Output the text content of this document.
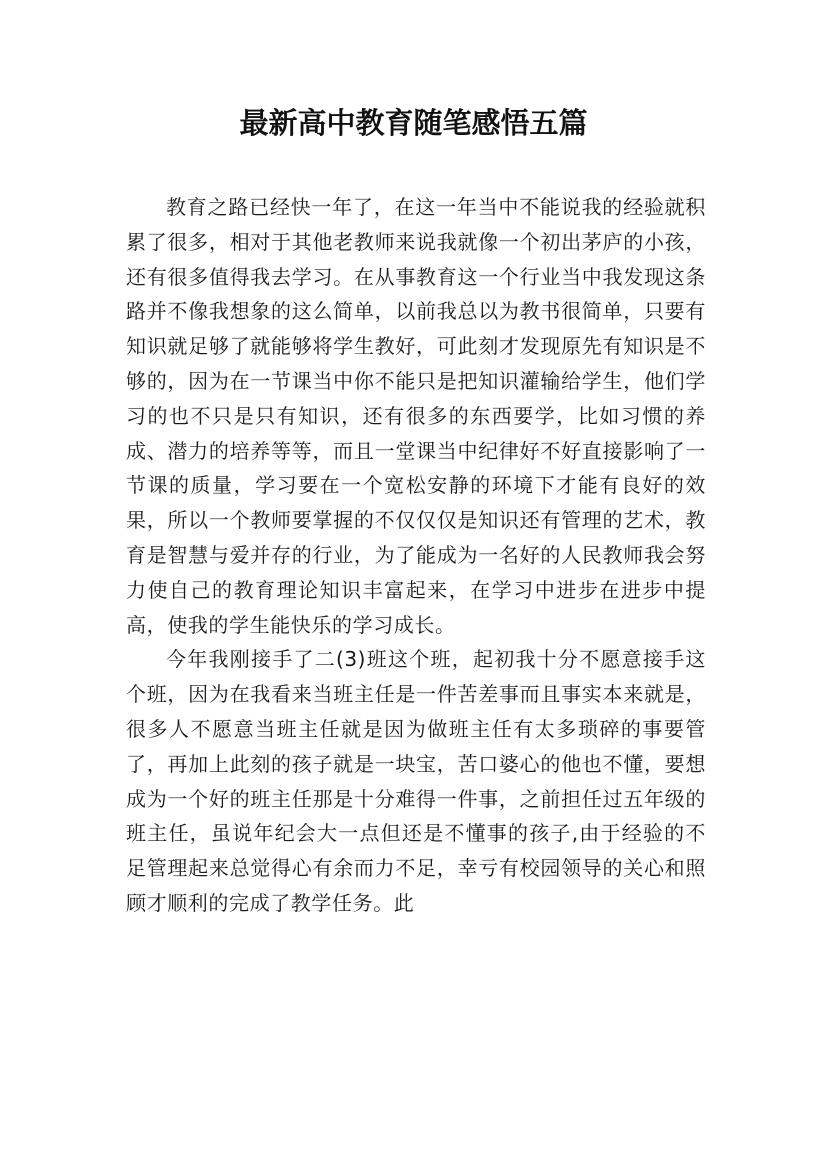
最新高中教育随笔感悟五篇

教育之路已经快一年了，在这一年当中不能说我的经验就积累了很多，相对于其他老教师来说我就像一个初出茅庐的小孩，还有很多值得我去学习。在从事教育这一个行业当中我发现这条路并不像我想象的这么简单，以前我总以为教书很简单，只要有知识就足够了就能够将学生教好，可此刻才发现原先有知识是不够的，因为在一节课当中你不能只是把知识灌输给学生，他们学习的也不只是只有知识，还有很多的东西要学，比如习惯的养成、潜力的培养等等，而且一堂课当中纪律好不好直接影响了一节课的质量，学习要在一个宽松安静的环境下才能有良好的效果，所以一个教师要掌握的不仅仅仅是知识还有管理的艺术，教育是智慧与爱并存的行业，为了能成为一名好的人民教师我会努力使自己的教育理论知识丰富起来，在学习中进步在进步中提高，使我的学生能快乐的学习成长。

今年我刚接手了二(3)班这个班，起初我十分不愿意接手这个班，因为在我看来当班主任是一件苦差事而且事实本来就是，很多人不愿意当班主任就是因为做班主任有太多琐碎的事要管了，再加上此刻的孩子就是一块宝，苦口婆心的他也不懂，要想成为一个好的班主任那是十分难得一件事，之前担任过五年级的班主任，虽说年纪会大一点但还是不懂事的孩子,由于经验的不足管理起来总觉得心有余而力不足，幸亏有校园领导的关心和照顾才顺利的完成了教学任务。此
